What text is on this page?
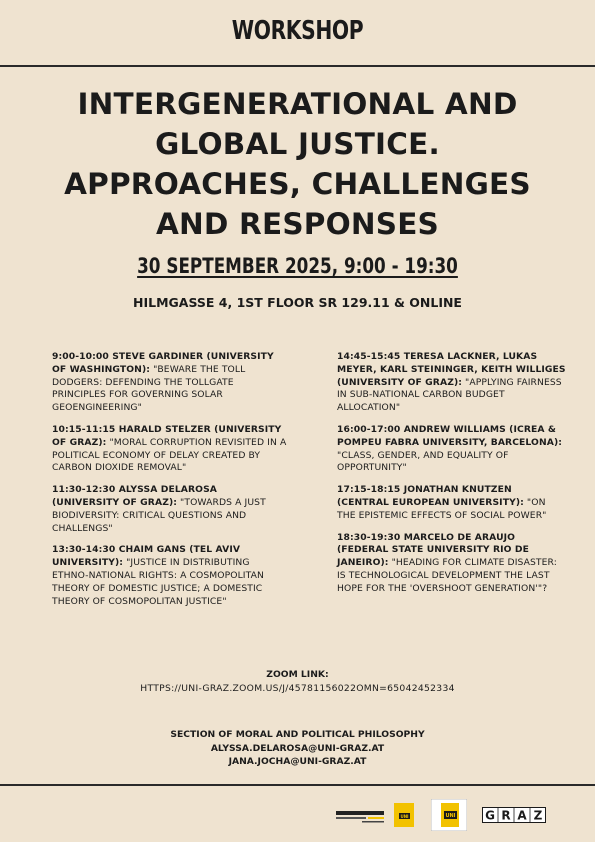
WORKSHOP
INTERGENERATIONAL AND
GLOBAL JUSTICE.
APPROACHES, CHALLENGES
AND RESPONSES
30 SEPTEMBER 2025, 9:00 - 19:30
HILMGASSE 4, 1ST FLOOR SR 129.11 & ONLINE
9:00-10:00 STEVE GARDINER (UNIVERSITY OF WASHINGTON): "BEWARE THE TOLL DODGERS: DEFENDING THE TOLLGATE PRINCIPLES FOR GOVERNING SOLAR GEOENGINEERING"
10:15-11:15 HARALD STELZER (UNIVERSITY OF GRAZ): "MORAL CORRUPTION REVISITED IN A POLITICAL ECONOMY OF DELAY CREATED BY CARBON DIOXIDE REMOVAL"
11:30-12:30 ALYSSA DELAROSA (UNIVERSITY OF GRAZ): "TOWARDS A JUST BIODIVERSITY: CRITICAL QUESTIONS AND CHALLENGS"
13:30-14:30 CHAIM GANS (TEL AVIV UNIVERSITY): "JUSTICE IN DISTRIBUTING ETHNO-NATIONAL RIGHTS: A COSMOPOLITAN THEORY OF DOMESTIC JUSTICE; A DOMESTIC THEORY OF COSMOPOLITAN JUSTICE"
14:45-15:45 TERESA LACKNER, LUKAS MEYER, KARL STEININGER, KEITH WILLIGES (UNIVERSITY OF GRAZ): "APPLYING FAIRNESS IN SUB-NATIONAL CARBON BUDGET ALLOCATION"
16:00-17:00 ANDREW WILLIAMS (ICREA & POMPEU FABRA UNIVERSITY, BARCELONA): "CLASS, GENDER, AND EQUALITY OF OPPORTUNITY"
17:15-18:15 JONATHAN KNUTZEN (CENTRAL EUROPEAN UNIVERSITY): "ON THE EPISTEMIC EFFECTS OF SOCIAL POWER"
18:30-19:30 MARCELO DE ARAUJO (FEDERAL STATE UNIVERSITY RIO DE JANEIRO): "HEADING FOR CLIMATE DISASTER: IS TECHNOLOGICAL DEVELOPMENT THE LAST HOPE FOR THE 'OVERSHOOT GENERATION'"?
ZOOM LINK:
HTTPS://UNI-GRAZ.ZOOM.US/J/45781156022OMN=65042452334
SECTION OF MORAL AND POLITICAL PHILOSOPHY
ALYSSA.DELAROSA@UNI-GRAZ.AT
JANA.JOCHA@UNI-GRAZ.AT
UNI	UNI G R A Z
